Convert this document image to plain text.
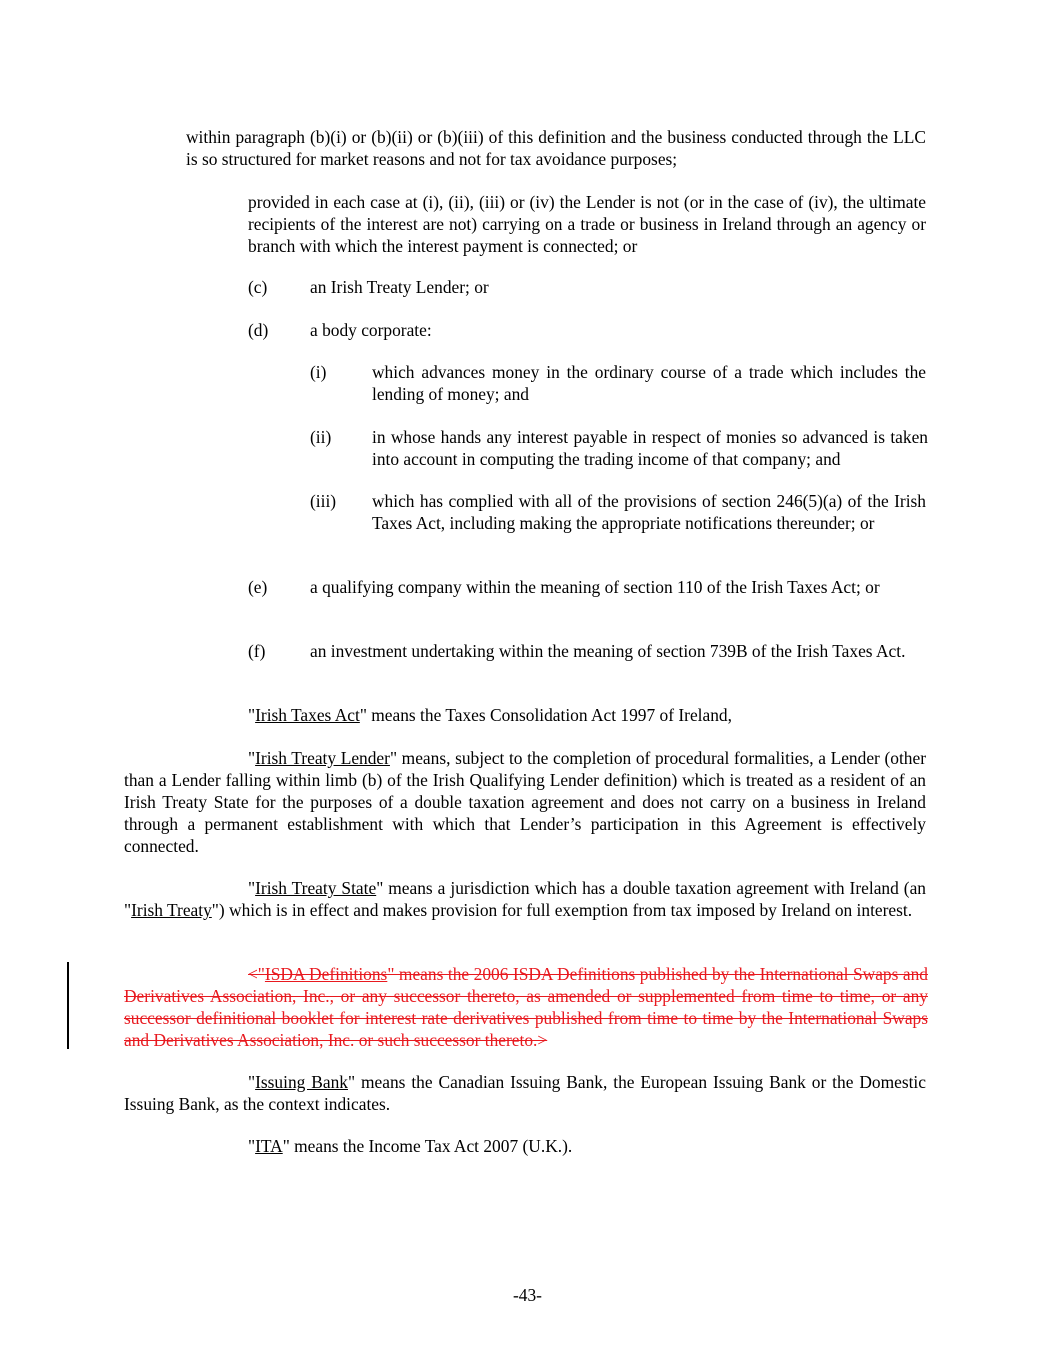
within paragraph (b)(i) or (b)(ii) or (b)(iii) of this definition and the business conducted through the LLC is so structured for market reasons and not for tax avoidance purposes;

provided in each case at (i), (ii), (iii) or (iv) the Lender is not (or in the case of (iv), the ultimate recipients of the interest are not) carrying on a trade or business in Ireland through an agency or branch with which the interest payment is connected; or

(c) an Irish Treaty Lender; or
(d) a body corporate:
(i)	which advances money in the ordinary course of a trade which includes the lending of money; and

(ii) in whose hands any interest payable in respect of monies so advanced is taken into account in computing the trading income of that company; and

(iii) which has complied with all of the provisions of section 246(5)(a) of the Irish Taxes Act, including making the appropriate notifications thereunder; or

(e) a qualifying company within the meaning of section 110 of the Irish Taxes Act; or

(f)	an investment undertaking within the meaning of section 739B of the Irish Taxes Act.

"Irish Taxes Act" means the Taxes Consolidation Act 1997 of Ireland,

"Irish Treaty Lender" means, subject to the completion of procedural formalities, a Lender (other than a Lender falling within limb (b) of the Irish Qualifying Lender definition) which is treated as a resident of an Irish Treaty State for the purposes of a double taxation agreement and does not carry on a business in Ireland through a permanent establishment with which that Lender’s participation in this Agreement is effectively connected.

"Irish Treaty State" means a jurisdiction which has a double taxation agreement with Ireland (an "Irish Treaty") which is in effect and makes provision for full exemption from tax imposed by Ireland on interest.

<"ISDA Definitions" means the 2006 ISDA Definitions published by the International Swaps and Derivatives Association, Inc., or any successor thereto, as amended or supplemented from time to time, or any successor definitional booklet for interest rate derivatives published from time to time by the International Swaps and Derivatives Association, Inc. or such successor thereto.>

"Issuing Bank" means the Canadian Issuing Bank, the European Issuing Bank or the Domestic Issuing Bank, as the context indicates.

"ITA" means the Income Tax Act 2007 (U.K.).

-43-
